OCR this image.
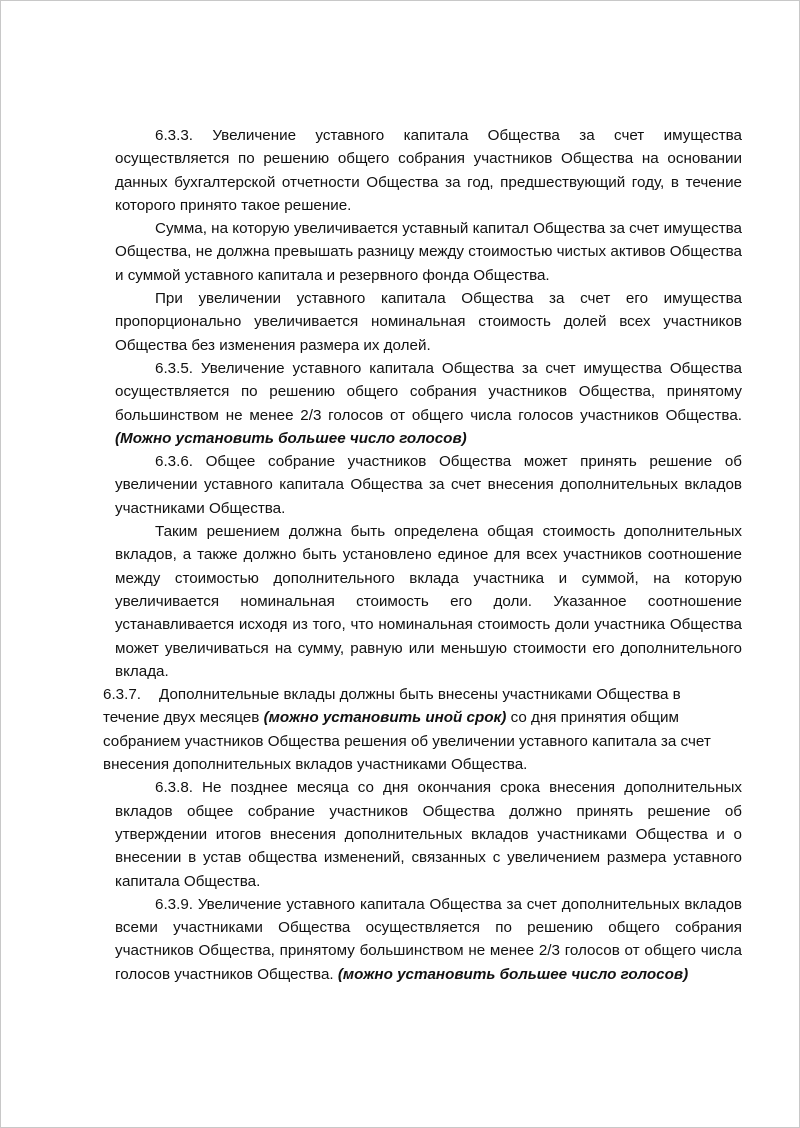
6.3.3. Увеличение уставного капитала Общества за счет имущества осуществляется по решению общего собрания участников Общества на основании данных бухгалтерской отчетности Общества за год, предшествующий году, в течение которого принято такое решение.

Сумма, на которую увеличивается уставный капитал Общества за счет имущества Общества, не должна превышать разницу между стоимостью чистых активов Общества и суммой уставного капитала и резервного фонда Общества.

При увеличении уставного капитала Общества за счет его имущества пропорционально увеличивается номинальная стоимость долей всех участников Общества без изменения размера их долей.

6.3.5. Увеличение уставного капитала Общества за счет имущества Общества осуществляется по решению общего собрания участников Общества, принятому большинством не менее 2/3 голосов от общего числа голосов участников Общества. (Можно установить большее число голосов)

6.3.6. Общее собрание участников Общества может принять решение об увеличении уставного капитала Общества за счет внесения дополнительных вкладов участниками Общества.

Таким решением должна быть определена общая стоимость дополнительных вкладов, а также должно быть установлено единое для всех участников соотношение между стоимостью дополнительного вклада участника и суммой, на которую увеличивается номинальная стоимость его доли. Указанное соотношение устанавливается исходя из того, что номинальная стоимость доли участника Общества может увеличиваться на сумму, равную или меньшую стоимости его дополнительного вклада.

6.3.7. Дополнительные вклады должны быть внесены участниками Общества в течение двух месяцев (можно установить иной срок) со дня принятия общим собранием участников Общества решения об увеличении уставного капитала за счет внесения дополнительных вкладов участниками Общества.

6.3.8. Не позднее месяца со дня окончания срока внесения дополнительных вкладов общее собрание участников Общества должно принять решение об утверждении итогов внесения дополнительных вкладов участниками Общества и о внесении в устав общества изменений, связанных с увеличением размера уставного капитала Общества.

6.3.9. Увеличение уставного капитала Общества за счет дополнительных вкладов всеми участниками Общества осуществляется по решению общего собрания участников Общества, принятому большинством не менее 2/3 голосов от общего числа голосов участников Общества. (можно установить большее число голосов)
